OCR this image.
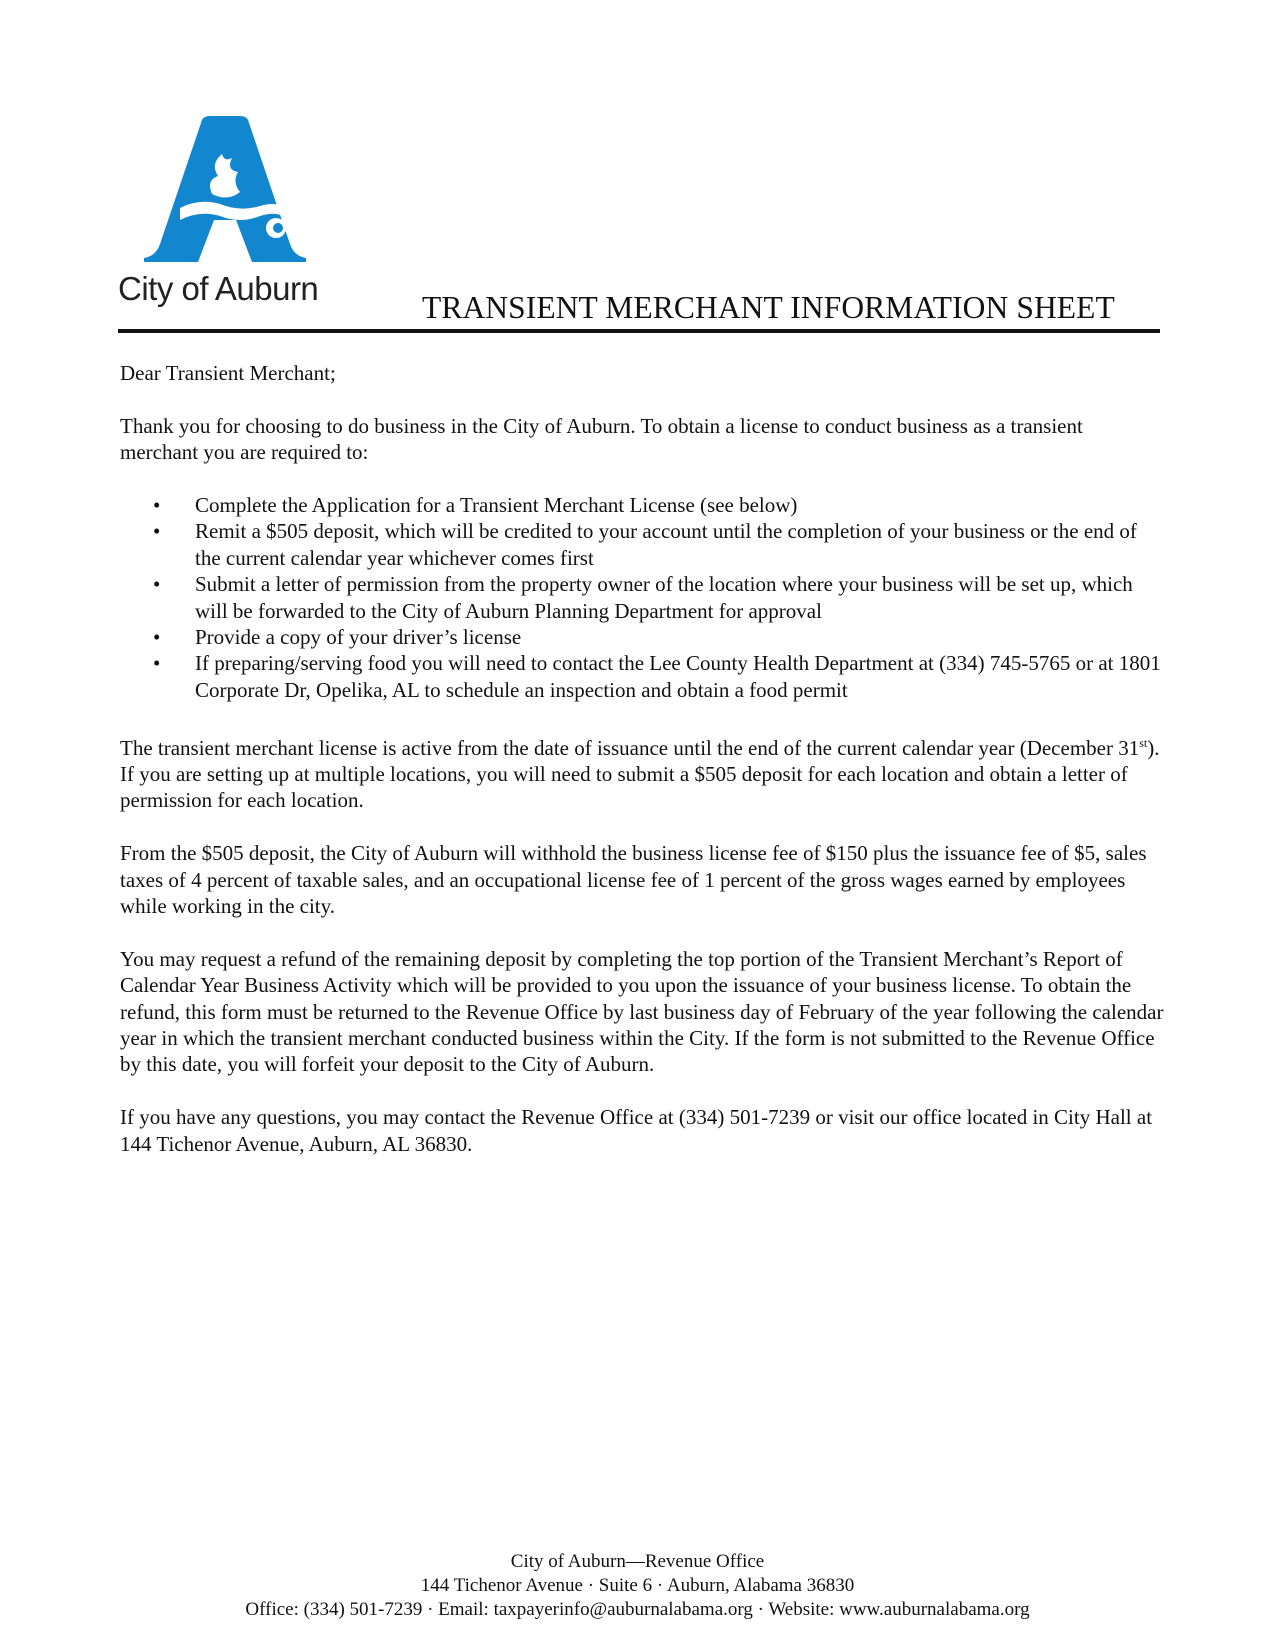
City of Auburn
TRANSIENT MERCHANT INFORMATION SHEET

Dear Transient Merchant;

Thank you for choosing to do business in the City of Auburn. To obtain a license to conduct business as a transient merchant you are required to:

• Complete the Application for a Transient Merchant License (see below)
• Remit a $505 deposit, which will be credited to your account until the completion of your business or the end of the current calendar year whichever comes first
• Submit a letter of permission from the property owner of the location where your business will be set up, which will be forwarded to the City of Auburn Planning Department for approval
• Provide a copy of your driver’s license
• If preparing/serving food you will need to contact the Lee County Health Department at (334) 745-5765 or at 1801 Corporate Dr, Opelika, AL to schedule an inspection and obtain a food permit

The transient merchant license is active from the date of issuance until the end of the current calendar year (December 31st). If you are setting up at multiple locations, you will need to submit a $505 deposit for each location and obtain a letter of permission for each location.

From the $505 deposit, the City of Auburn will withhold the business license fee of $150 plus the issuance fee of $5, sales taxes of 4 percent of taxable sales, and an occupational license fee of 1 percent of the gross wages earned by employees while working in the city.

You may request a refund of the remaining deposit by completing the top portion of the Transient Merchant’s Report of Calendar Year Business Activity which will be provided to you upon the issuance of your business license. To obtain the refund, this form must be returned to the Revenue Office by last business day of February of the year following the calendar year in which the transient merchant conducted business within the City. If the form is not submitted to the Revenue Office by this date, you will forfeit your deposit to the City of Auburn.

If you have any questions, you may contact the Revenue Office at (334) 501-7239 or visit our office located in City Hall at 144 Tichenor Avenue, Auburn, AL 36830.

City of Auburn—Revenue Office
144 Tichenor Avenue · Suite 6 · Auburn, Alabama 36830
Office: (334) 501-7239 · Email: taxpayerinfo@auburnalabama.org · Website: www.auburnalabama.org
